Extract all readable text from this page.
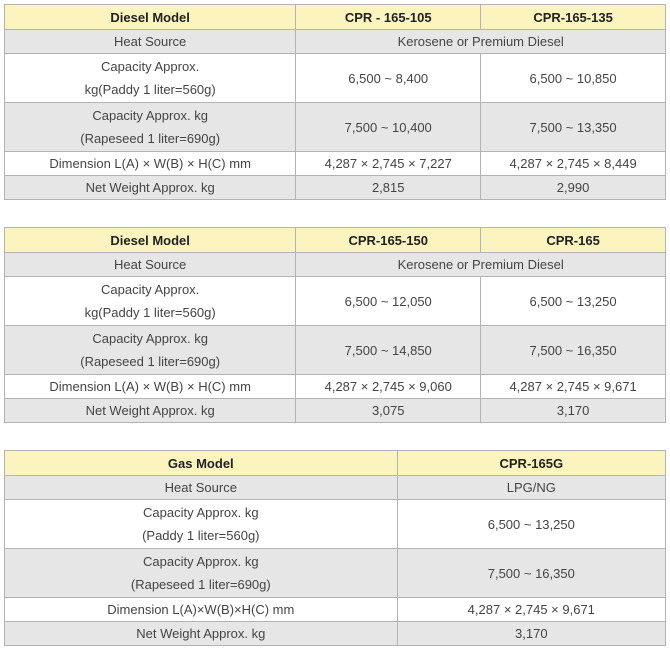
Diesel Model	CPR - 165-105	CPR-165-135
Heat Source	Kerosene or Premium Diesel	

Capacity Approx.
kg(Paddy 1 liter=560g)	6,500 ~ 8,400	6,500 ~ 10,850

Capacity Approx. kg
(Rapeseed 1 liter=690g)	7,500 ~ 10,400	7,500 ~ 13,350
Dimension L(A) × W(B) × H(C) mm	4,287 × 2,745 × 7,227	4,287 × 2,745 × 8,449
Net Weight Approx. kg	2,815	2,990
Diesel Model	CPR-165-150	CPR-165
Heat Source	Kerosene or Premium Diesel	

Capacity Approx.
kg(Paddy 1 liter=560g)	6,500 ~ 12,050	6,500 ~ 13,250

Capacity Approx. kg
(Rapeseed 1 liter=690g)	7,500 ~ 14,850	7,500 ~ 16,350
Dimension L(A) × W(B) × H(C) mm	4,287 × 2,745 × 9,060	4,287 × 2,745 × 9,671
Net Weight Approx. kg	3,075	3,170
Gas Model	CPR-165G
Heat Source	LPG/NG

Capacity Approx. kg
(Paddy 1 liter=560g)	6,500 ~ 13,250

Capacity Approx. kg
(Rapeseed 1 liter=690g)	7,500 ~ 16,350
Dimension L(A)×W(B)×H(C) mm	4,287 × 2,745 × 9,671
Net Weight Approx. kg	3,170
